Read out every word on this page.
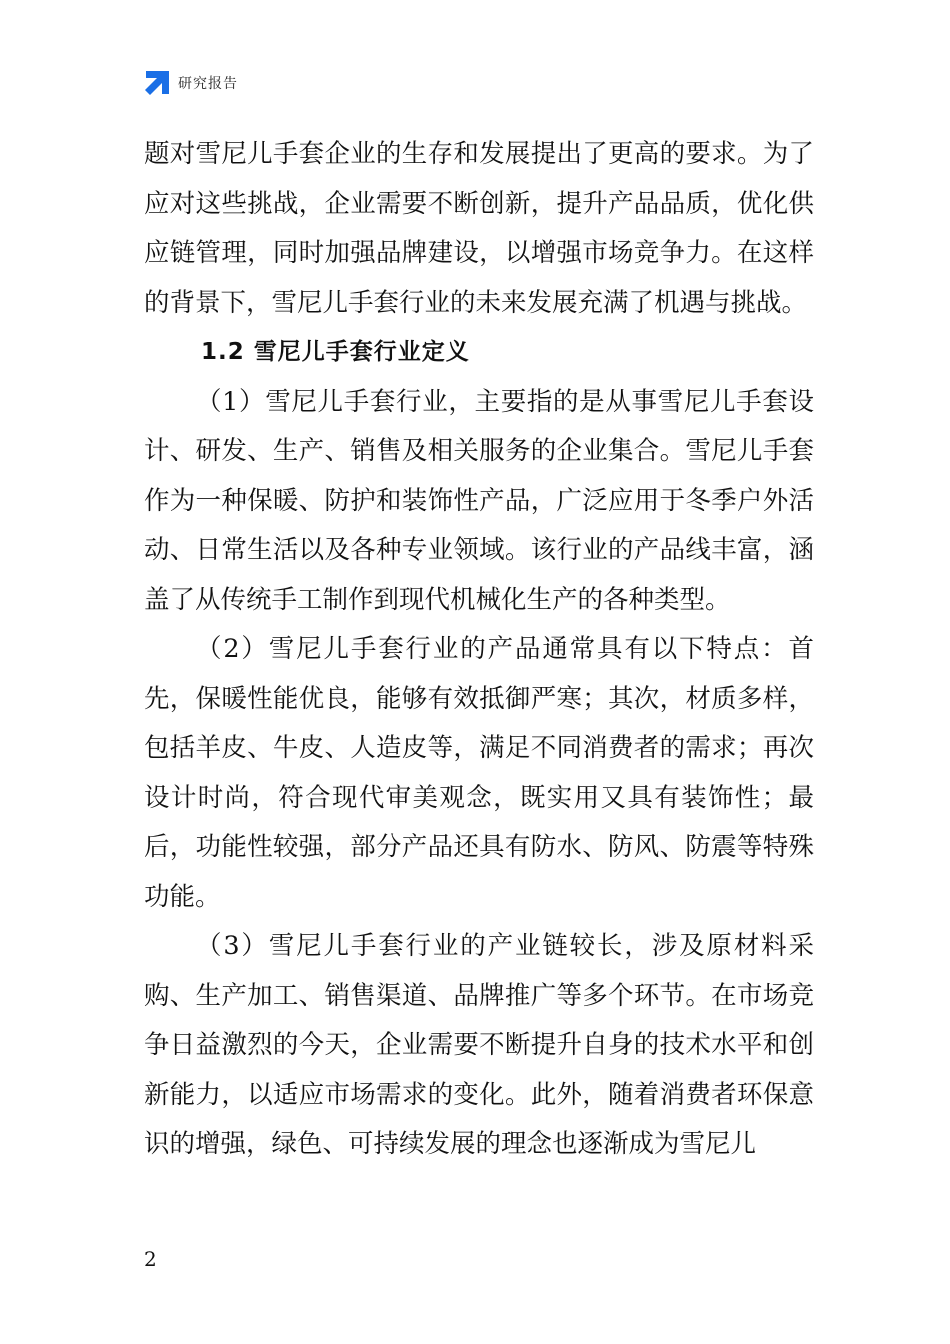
研究报告

题对雪尼儿手套企业的生存和发展提出了更高的要求。为了应对这些挑战，企业需要不断创新，提升产品品质，优化供应链管理，同时加强品牌建设，以增强市场竞争力。在这样的背景下，雪尼儿手套行业的未来发展充满了机遇与挑战。

1.2 雪尼儿手套行业定义

（1）雪尼儿手套行业，主要指的是从事雪尼儿手套设计、研发、生产、销售及相关服务的企业集合。雪尼儿手套作为一种保暖、防护和装饰性产品，广泛应用于冬季户外活动、日常生活以及各种专业领域。该行业的产品线丰富，涵盖了从传统手工制作到现代机械化生产的各种类型。

（2）雪尼儿手套行业的产品通常具有以下特点：首先，保暖性能优良，能够有效抵御严寒；其次，材质多样，包括羊皮、牛皮、人造皮等，满足不同消费者的需求；再次设计时尚，符合现代审美观念，既实用又具有装饰性；最后，功能性较强，部分产品还具有防水、防风、防震等特殊功能。

（3）雪尼儿手套行业的产业链较长，涉及原材料采购、生产加工、销售渠道、品牌推广等多个环节。在市场竞争日益激烈的今天，企业需要不断提升自身的技术水平和创新能力，以适应市场需求的变化。此外，随着消费者环保意识的增强，绿色、可持续发展的理念也逐渐成为雪尼儿

2
